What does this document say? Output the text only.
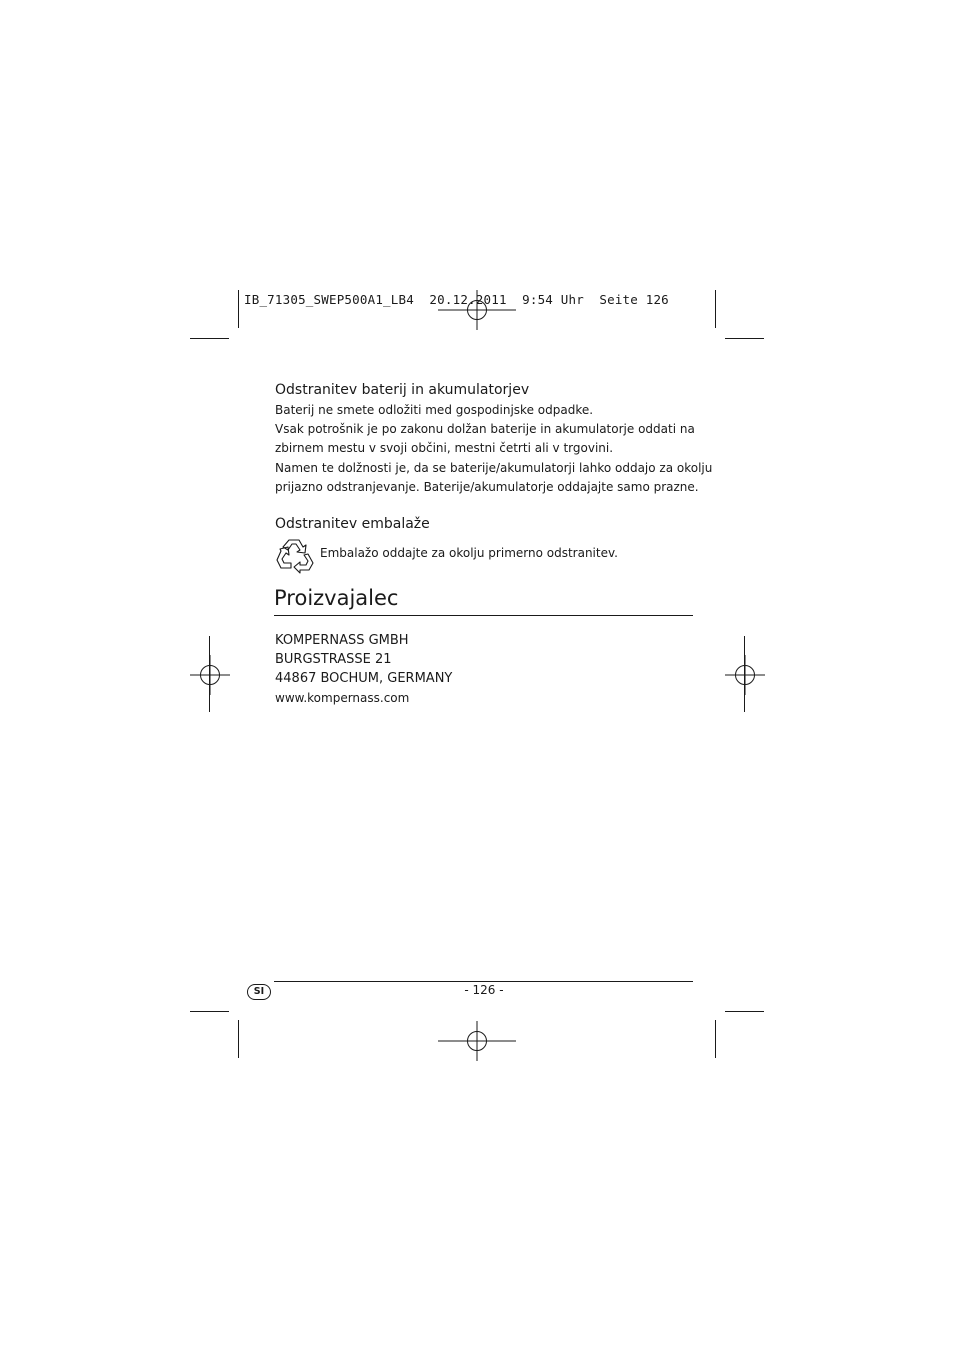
IB_71305_SWEP500A1_LB4  20.12.2011  9:54 Uhr  Seite 126
Odstranitev baterij in akumulatorjev
Baterij ne smete odložiti med gospodinjske odpadke.
Vsak potrošnik je po zakonu dolžan baterije in akumulatorje oddati na
zbirnem mestu v svoji občini, mestni četrti ali v trgovini.
Namen te dolžnosti je, da se baterije/akumulatorji lahko oddajo za okolju
prijazno odstranjevanje. Baterije/akumulatorje oddajajte samo prazne.
Odstranitev embalaže
Embalažo oddajte za okolju primerno odstranitev.
Proizvajalec
KOMPERNASS GMBH
BURGSTRASSE 21
44867 BOCHUM, GERMANY
www.kompernass.com
SI	- 126 -
